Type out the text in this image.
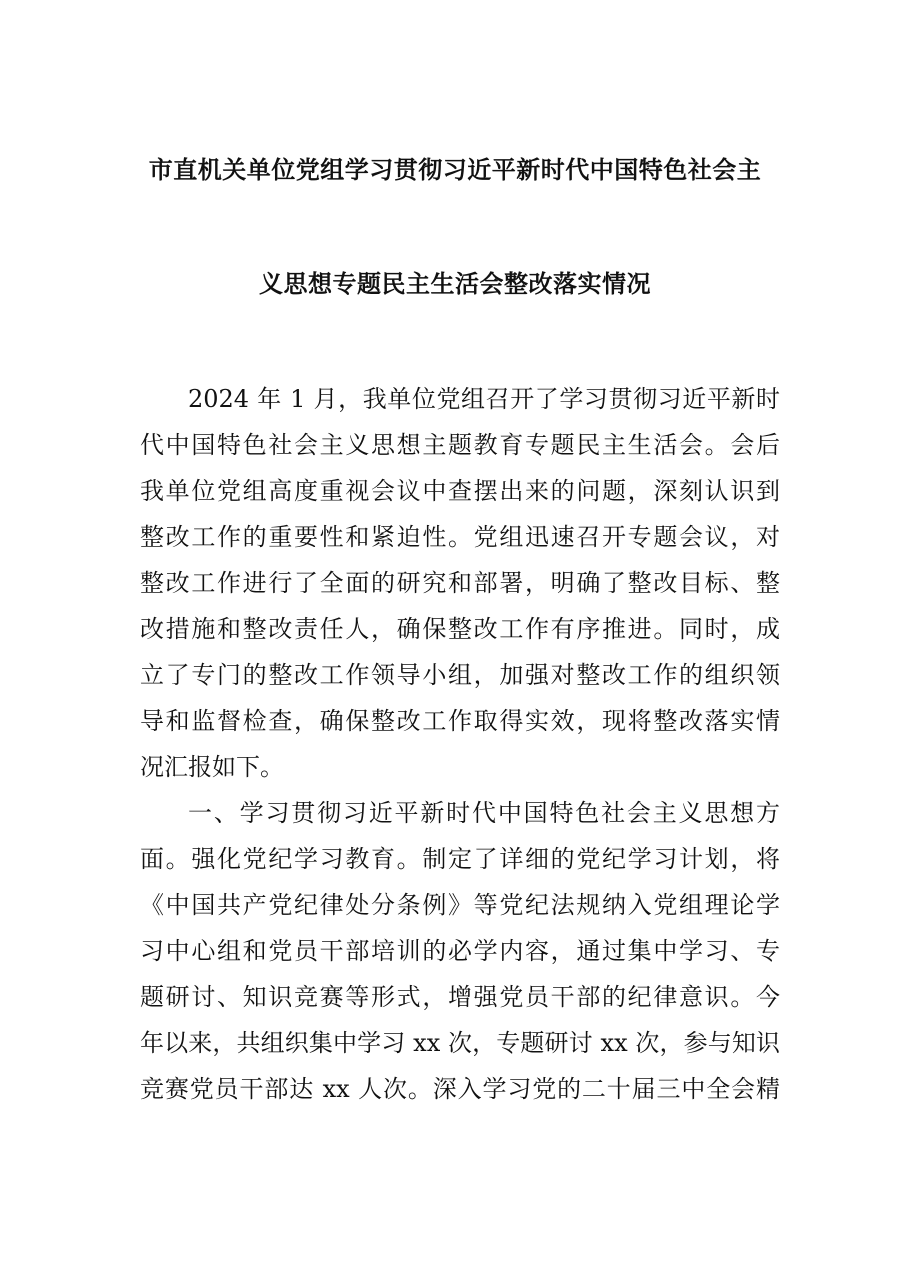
市直机关单位党组学习贯彻习近平新时代中国特色社会主
义思想专题民主生活会整改落实情况
2024 年 1 月，我单位党组召开了学习贯彻习近平新时
代中国特色社会主义思想主题教育专题民主生活会。会后
我单位党组高度重视会议中查摆出来的问题，深刻认识到
整改工作的重要性和紧迫性。党组迅速召开专题会议，对
整改工作进行了全面的研究和部署，明确了整改目标、整
改措施和整改责任人，确保整改工作有序推进。同时，成
立了专门的整改工作领导小组，加强对整改工作的组织领
导和监督检查，确保整改工作取得实效，现将整改落实情
况汇报如下。
一、学习贯彻习近平新时代中国特色社会主义思想方
面。强化党纪学习教育。制定了详细的党纪学习计划，将
《中国共产党纪律处分条例》等党纪法规纳入党组理论学
习中心组和党员干部培训的必学内容，通过集中学习、专
题研讨、知识竞赛等形式，增强党员干部的纪律意识。今
年以来，共组织集中学习 xx 次，专题研讨 xx 次，参与知识
竞赛党员干部达 xx 人次。深入学习党的二十届三中全会精
